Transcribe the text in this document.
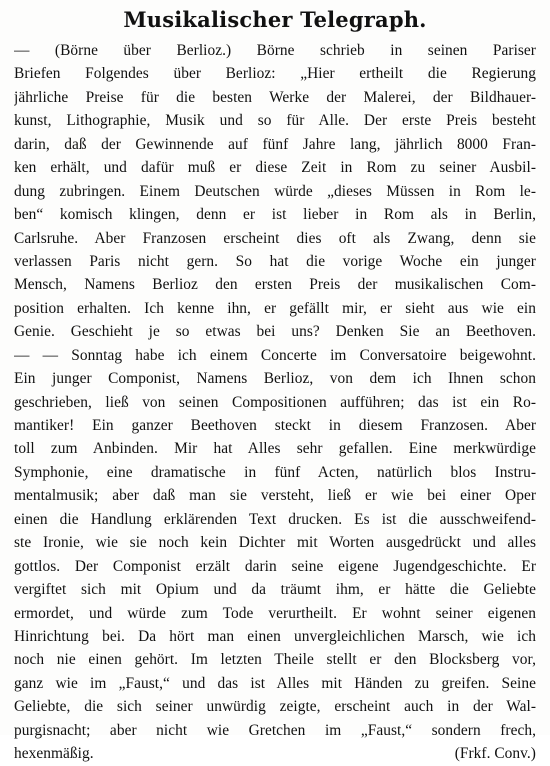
Musikalischer Telegraph.
— (Börne über Berlioz.) Börne schrieb in seinen Pariser
Briefen Folgendes über Berlioz: „Hier ertheilt die Regierung
jährliche Preise für die besten Werke der Malerei, der Bildhauer-
kunst, Lithographie, Musik und so für Alle. Der erste Preis besteht
darin, daß der Gewinnende auf fünf Jahre lang, jährlich 8000 Fran-
ken erhält, und dafür muß er diese Zeit in Rom zu seiner Ausbil-
dung zubringen. Einem Deutschen würde „dieses Müssen in Rom le-
ben“ komisch klingen, denn er ist lieber in Rom als in Berlin,
Carlsruhe. Aber Franzosen erscheint dies oft als Zwang, denn sie
verlassen Paris nicht gern. So hat die vorige Woche ein junger
Mensch, Namens Berlioz den ersten Preis der musikalischen Com-
position erhalten. Ich kenne ihn, er gefällt mir, er sieht aus wie ein
Genie. Geschieht je so etwas bei uns? Denken Sie an Beethoven.
— — Sonntag habe ich einem Concerte im Conversatoire beigewohnt.
Ein junger Componist, Namens Berlioz, von dem ich Ihnen schon
geschrieben, ließ von seinen Compositionen aufführen; das ist ein Ro-
mantiker! Ein ganzer Beethoven steckt in diesem Franzosen. Aber
toll zum Anbinden. Mir hat Alles sehr gefallen. Eine merkwürdige
Symphonie, eine dramatische in fünf Acten, natürlich blos Instru-
mentalmusik; aber daß man sie versteht, ließ er wie bei einer Oper
einen die Handlung erklärenden Text drucken. Es ist die ausschweifend-
ste Ironie, wie sie noch kein Dichter mit Worten ausgedrückt und alles
gottlos. Der Componist erzält darin seine eigene Jugendgeschichte. Er
vergiftet sich mit Opium und da träumt ihm, er hätte die Geliebte
ermordet, und würde zum Tode verurtheilt. Er wohnt seiner eigenen
Hinrichtung bei. Da hört man einen unvergleichlichen Marsch, wie ich
noch nie einen gehört. Im letzten Theile stellt er den Blocksberg vor,
ganz wie im „Faust,“ und das ist Alles mit Händen zu greifen. Seine
Geliebte, die sich seiner unwürdig zeigte, erscheint auch in der Wal-
purgisnacht; aber nicht wie Gretchen im „Faust,“ sondern frech,
hexenmäßig.	(Frkf. Conv.)
